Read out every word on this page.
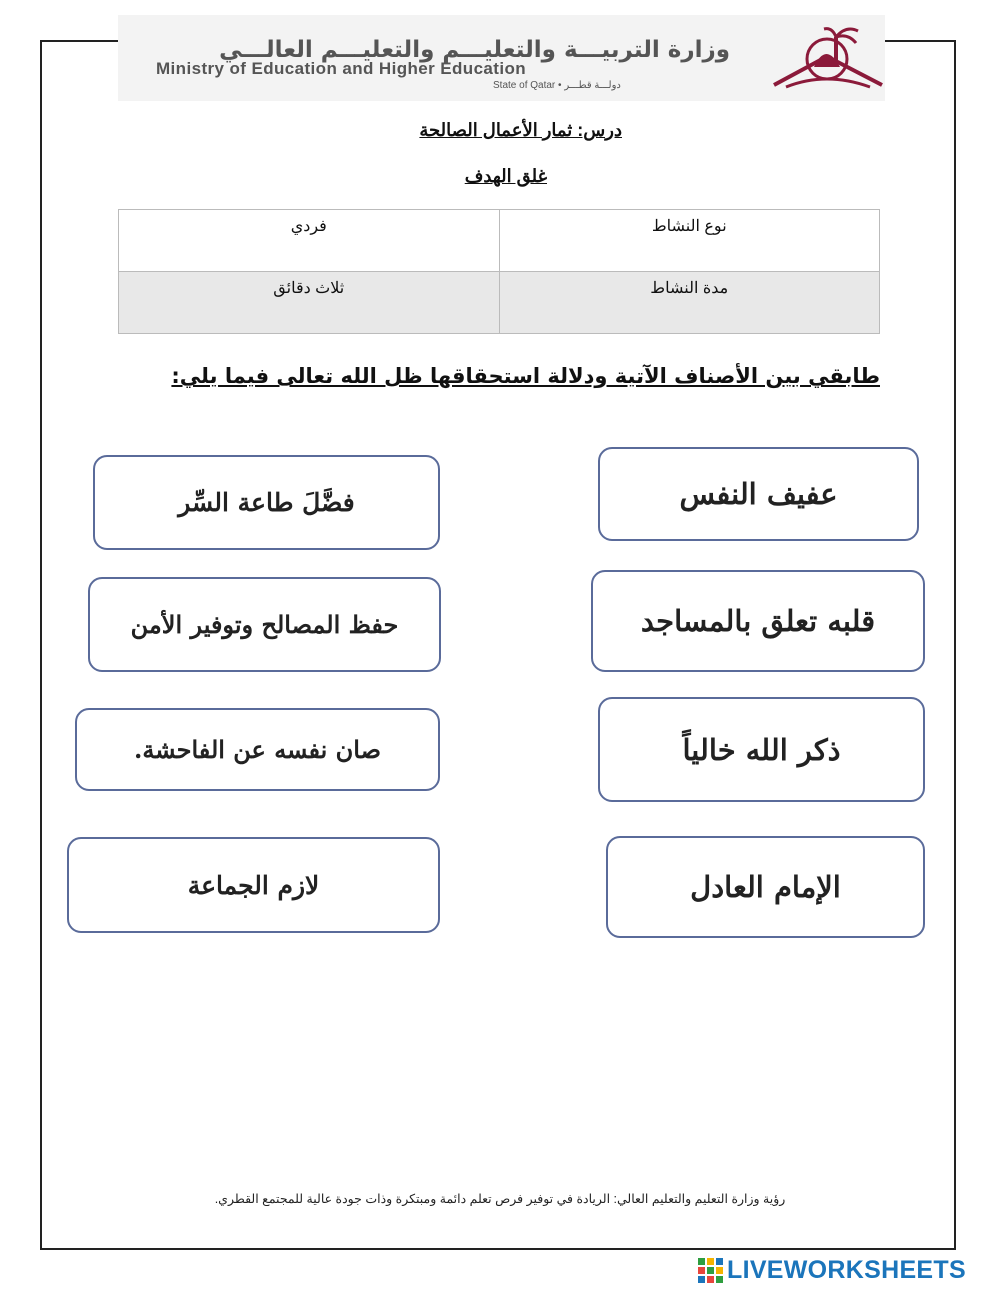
وزارة التربيـــة والتعليـــم والتعليـــم العالـــي
Ministry of Education and Higher Education
State of Qatar • دولـــة قطـــر
درس: ثمار الأعمال الصالحة
غلق الهدف
نوع النشاط	فردي
مدة النشاط	ثلاث دقائق
طابقي بين الأصناف الآتية ودلالة استحقاقها ظل الله تعالى فيما يلي:
عفيف النفس
قلبه تعلق بالمساجد
ذكر الله خالياً
الإمام العادل
فضَّلَ طاعة السِّر
حفظ المصالح وتوفير الأمن
صان نفسه عن الفاحشة.
لازم الجماعة
رؤية وزارة التعليم والتعليم العالي: الريادة في توفير فرص تعلم دائمة ومبتكرة وذات جودة عالية للمجتمع القطري.
LIVEWORKSHEETS
